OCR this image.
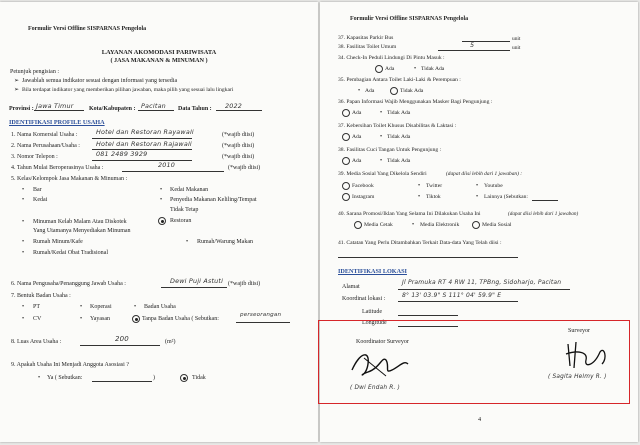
Formulir Versi Offline SISPARNAS Pengelola
LAYANAN AKOMODASI PARIWISATA
( JASA MAKANAN & MINUMAN )
Petunjuk pengisian :
➢ Jawablah semua indikator sesuai dengan informasi yang tersedia
➢ Bila terdapat indikator yang memberikan pilihan jawaban, maka pilih yang sesuai lalu lingkari
Provinsi : Jawa Timur	Kota/Kabupaten : Pacitan Data Tahun : 2022
IDENTIFIKASI PROFILE USAHA
1. Nama Komersial Usaha :	Hotel dan Restoran Rayawali	(*wajib diisi)
2. Nama Perusahaan/Usaha :	Hotel dan Restoran Rajawali	(*wajib diisi)
3. Nomor Telepon :	081 2489 3929	(*wajib diisi)
4. Tahun Mulai Beroperasinya Usaha :	2010	(*wajib diisi)
5. Kelas/Kelompok Jasa Makanan & Minuman :
• Bar	• Kedai Makanan
• Kedai	• Penyedia Makanan Keliling/Tempat
Tidak Tetap
Restoran
• Minuman Kelab Malam Atau Diskotek
Yang Utamanya Menyediakan Minuman
• Rumah Minum/Kafe	• Rumah/Warung Makan
• Rumah/Kedai Obat Tradisional
6. Nama Pengusaha/Penanggung Jawab Usaha :	Dewi Puji Astuti (*wajib diisi)
7. Bentuk Badan Usaha :
• PT	• Koperasi	• Badan Usaha
• CV	• Yayasan	Tanpa Badan Usaha ( Sebutkan:
perseorangan
8. Luas Area Usaha :	200	(m²)
9. Apakah Usaha Ini Menjadi Anggota Asosiasi ?
• Ya ( Sebutkan:	)	Tidak
Formulir Versi Offline SISPARNAS Pengelola
37. Kapasitas Parkir Bus	unit
38. Fasilitas Toilet Umum	5	unit
34. Check-In Peduli Lindungi Di Pintu Masuk :
Ada	• Tidak Ada
35. Pembagian Antara Toilet Laki-Laki & Perempuan :
• Ada	Tidak Ada
36. Papan Informasi Wajib Menggunakan Masker Bagi Pengunjung :
Ada	• Tidak Ada
37. Kebersihan Toilet Khusus Disabilitas & Laktasi :
Ada	• Tidak Ada
38. Fasilitas Cuci Tangan Untuk Pengunjung :
Ada	• Tidak Ada
39. Media Sosial Yang Dikelola Sendiri	(dapat diisi lebih dari 1 jawaban) :
Facebook	• Twitter	• Youtube
Instagram	• Tiktok	• Lainnya (Sebutkan:
40. Sarana Promosi/Iklan Yang Selama Ini Dilakukan Usaha Ini	(dapat diisi lebih dari 1 jawaban)
Media Cetak	• Media Elektronik	Media Sosial
41. Catatan Yang Perlu Ditambahkan Terkait Data-data Yang Telah diisi :
IDENTIFIKASI LOKASI
Alamat
Jl Pramuka RT 4 RW 11, TPBng, Sidoharjo, Pacitan
Koordinat lokasi :	8° 13' 03.9" S 111° 04' 59.9" E
Latitude
Longitude
Koordinator Surveyor
( Dwi Endah R. )
Surveyor
( Sagita Helmy R. )
4
